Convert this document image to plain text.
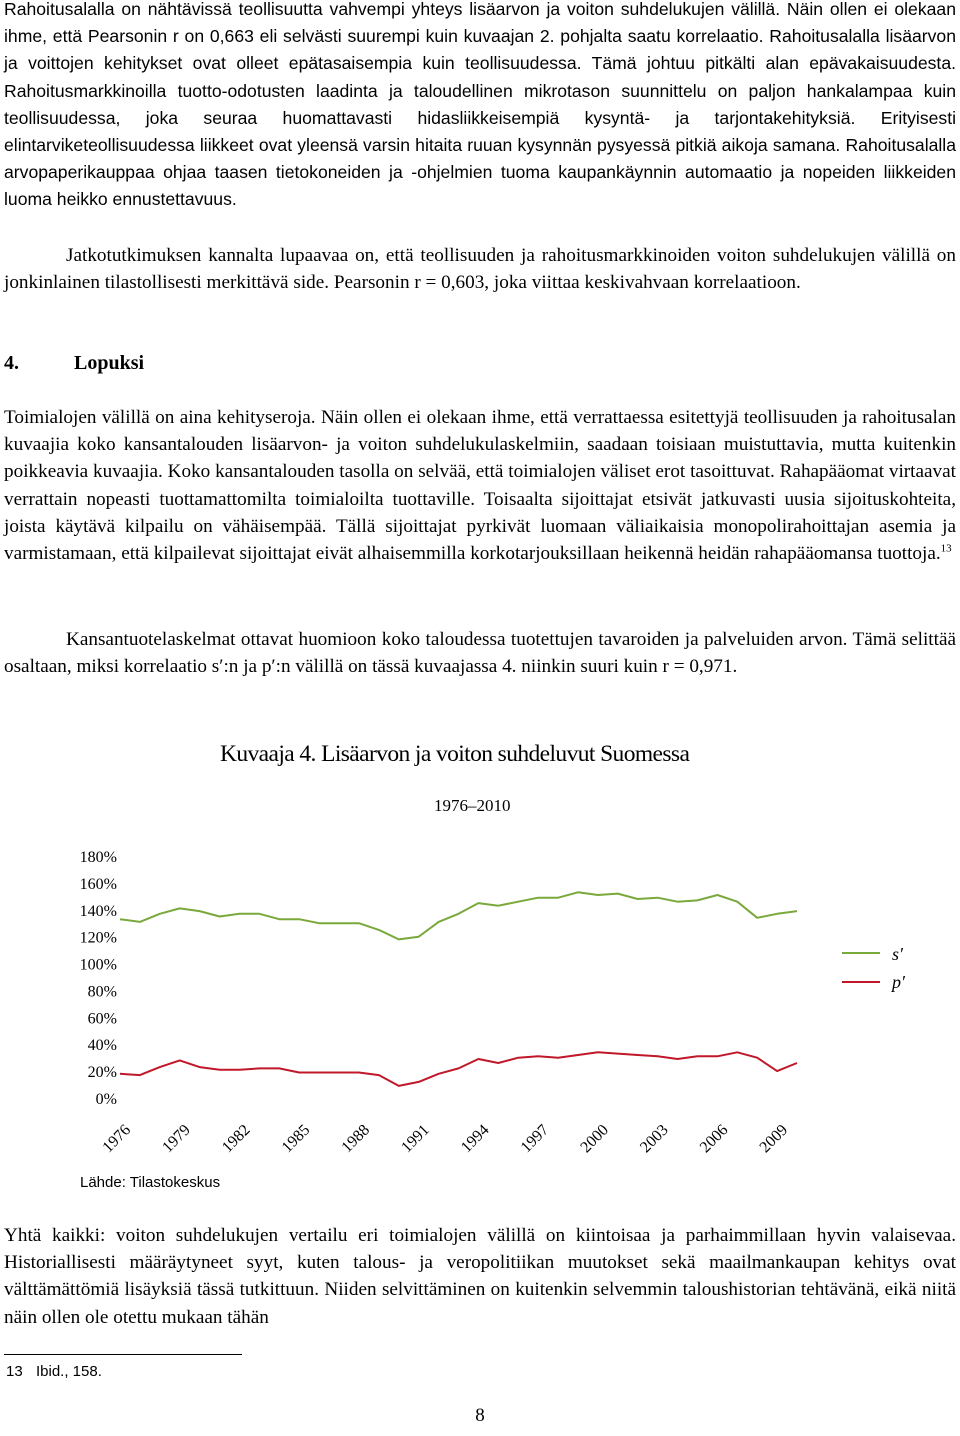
Rahoitusalalla on nähtävissä teollisuutta vahvempi yhteys lisäarvon ja voiton suhdelukujen välillä. Näin ollen ei olekaan ihme, että Pearsonin r on 0,663 eli selvästi suurempi kuin kuvaajan 2. pohjalta saatu korrelaatio. Rahoitusalalla lisäarvon ja voittojen kehitykset ovat olleet epätasaisempia kuin teollisuudessa. Tämä johtuu pitkälti alan epävakaisuudesta. Rahoitusmarkkinoilla tuotto-odotusten laadinta ja taloudellinen mikrotason suunnittelu on paljon hankalampaa kuin teollisuudessa, joka seuraa huomattavasti hidasliikkeisempiä kysyntä- ja tarjontakehityksiä. Erityisesti elintarviketeollisuudessa liikkeet ovat yleensä varsin hitaita ruuan kysynnän pysyessä pitkiä aikoja samana. Rahoitusalalla arvopaperikauppaa ohjaa taasen tietokoneiden ja -ohjelmien tuoma kaupankäynnin automaatio ja nopeiden liikkeiden luoma heikko ennustettavuus.

Jatkotutkimuksen kannalta lupaavaa on, että teollisuuden ja rahoitusmarkkinoiden voiton suhdelukujen välillä on jonkinlainen tilastollisesti merkittävä side. Pearsonin r = 0,603, joka viittaa keskivahvaan korrelaatioon.

4.	Lopuksi

Toimialojen välillä on aina kehityseroja. Näin ollen ei olekaan ihme, että verrattaessa esitettyjä teollisuuden ja rahoitusalan kuvaajia koko kansantalouden lisäarvon- ja voiton suhdelukulaskelmiin, saadaan toisiaan muistuttavia, mutta kuitenkin poikkeavia kuvaajia. Koko kansantalouden tasolla on selvää, että toimialojen väliset erot tasoittuvat. Rahapääomat virtaavat verrattain nopeasti tuottamattomilta toimialoilta tuottaville. Toisaalta sijoittajat etsivät jatkuvasti uusia sijoituskohteita, joista käytävä kilpailu on vähäisempää. Tällä sijoittajat pyrkivät luomaan väliaikaisia monopolirahoittajan asemia ja varmistamaan, että kilpailevat sijoittajat eivät alhaisemmilla korkotarjouksillaan heikennä heidän rahapääomansa tuottoja.$^{13}$

Kansantuotelaskelmat ottavat huomioon koko taloudessa tuotettujen tavaroiden ja palveluiden arvon. Tämä selittää osaltaan, miksi korrelaatio s′:n ja p′:n välillä on tässä kuvaajassa 4. niinkin suuri kuin r = 0,971.

Kuvaaja 4. Lisäarvon ja voiton suhdeluvut Suomessa
1976–2010
0%
20%
40%
60%
80%
100%
120%
140%
160%
180%
1976 1979 1982 1985 1988 1991 1994 1997 2000 2003 2006 2009
s′
p′
Lähde: Tilastokeskus

Yhtä kaikki: voiton suhdelukujen vertailu eri toimialojen välillä on kiintoisaa ja parhaimmillaan hyvin valaisevaa. Historiallisesti määräytyneet syyt, kuten talous- ja veropolitiikan muutokset sekä maailmankaupan kehitys ovat välttämättömiä lisäyksiä tässä tutkittuun. Niiden selvittäminen on kuitenkin selvemmin taloushistorian tehtävänä, eikä niitä näin ollen ole otettu mukaan tähän

13 Ibid., 158.

8
